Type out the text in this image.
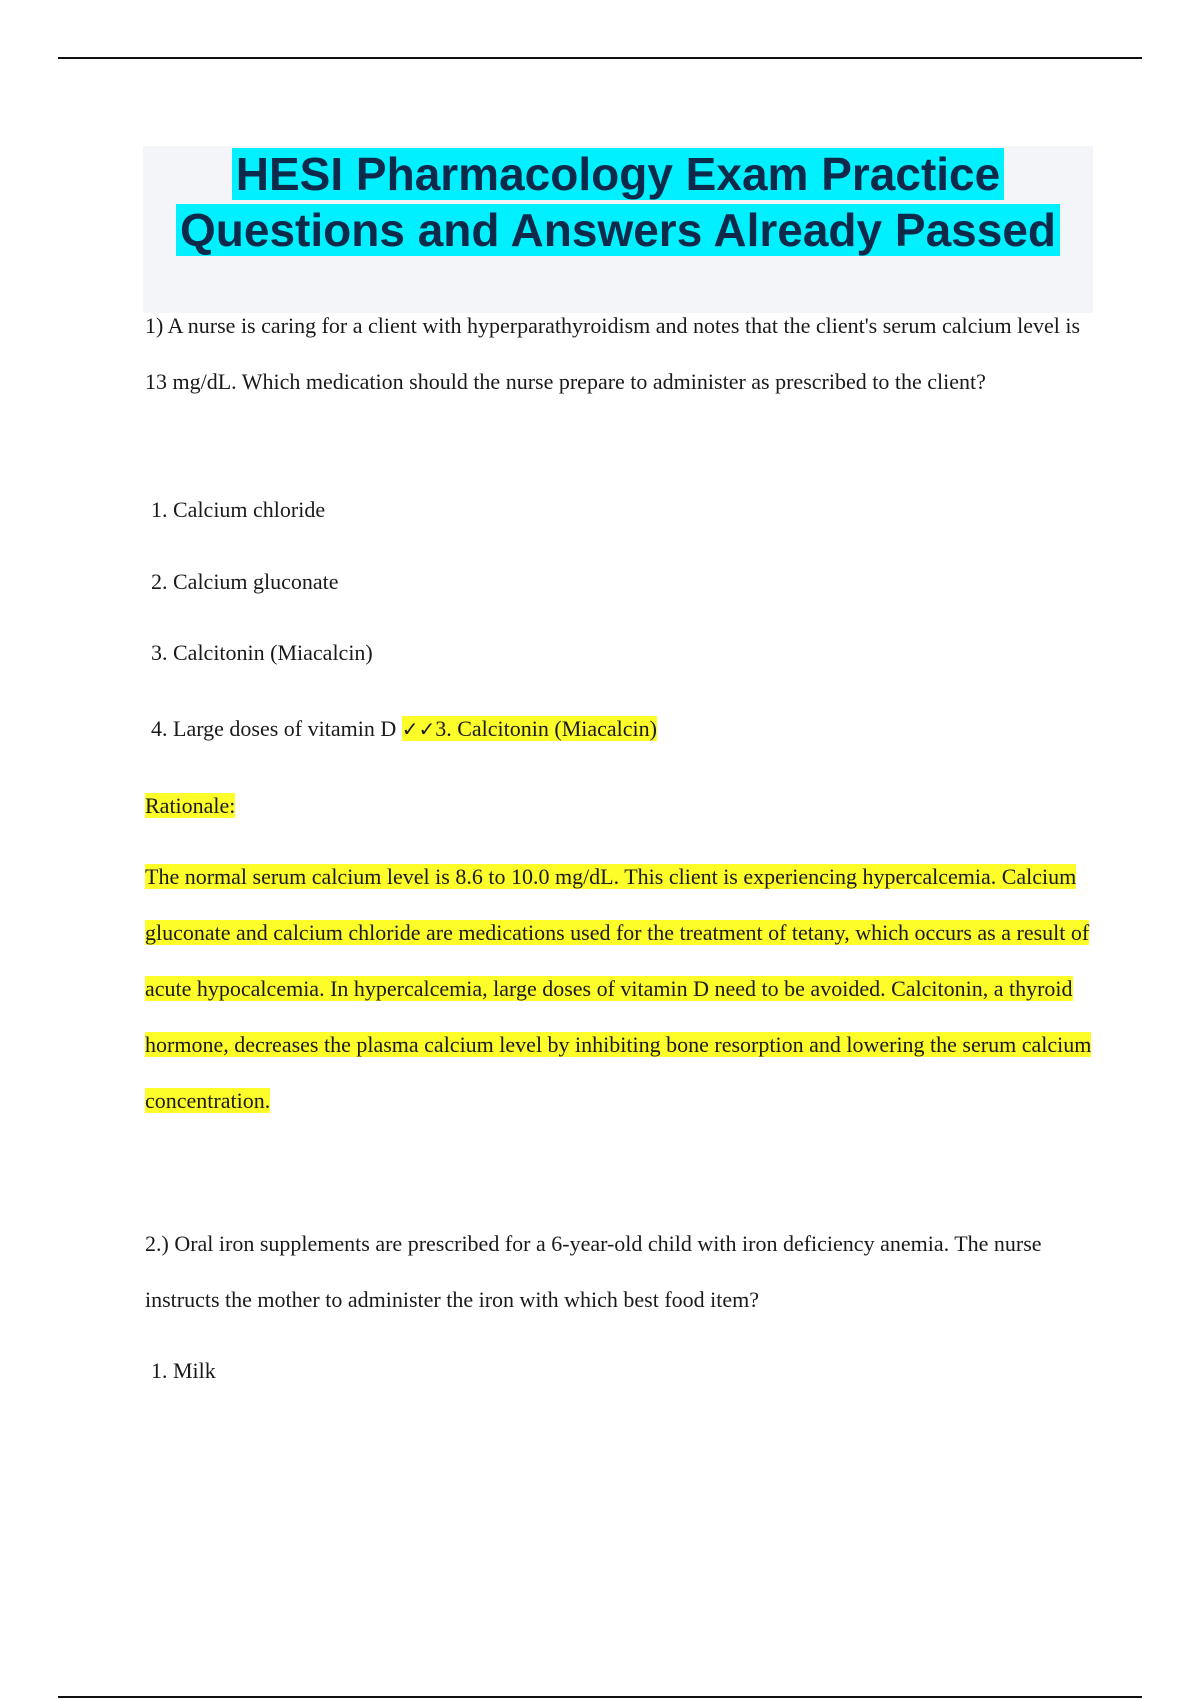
HESI Pharmacology Exam Practice
Questions and Answers Already Passed

1) A nurse is caring for a client with hyperparathyroidism and notes that the client's serum calcium level is 13 mg/dL. Which medication should the nurse prepare to administer as prescribed to the client?

1. Calcium chloride

2. Calcium gluconate

3. Calcitonin (Miacalcin)

4. Large doses of vitamin D ✓✓3. Calcitonin (Miacalcin)

Rationale:

The normal serum calcium level is 8.6 to 10.0 mg/dL. This client is experiencing hypercalcemia. Calcium gluconate and calcium chloride are medications used for the treatment of tetany, which occurs as a result of acute hypocalcemia. In hypercalcemia, large doses of vitamin D need to be avoided. Calcitonin, a thyroid hormone, decreases the plasma calcium level by inhibiting bone resorption and lowering the serum calcium concentration.

2.) Oral iron supplements are prescribed for a 6-year-old child with iron deficiency anemia. The nurse instructs the mother to administer the iron with which best food item?

1. Milk
